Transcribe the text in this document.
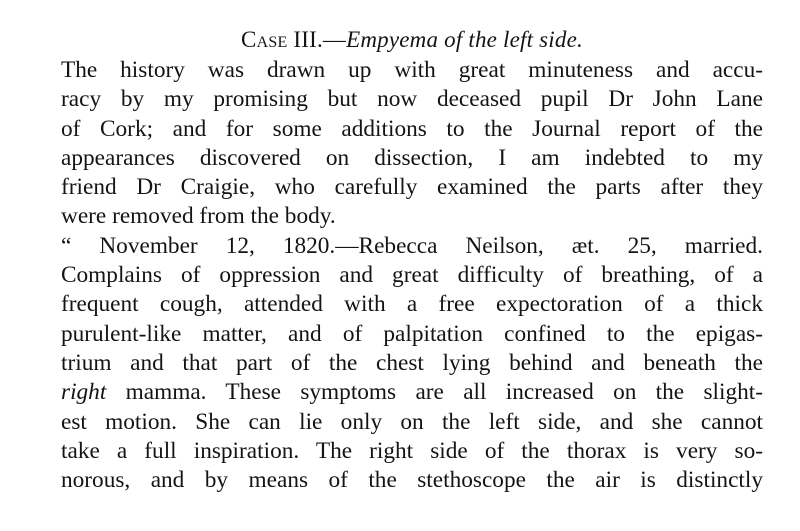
Case III.—Empyema of the left side.
The history was drawn up with great minuteness and accu-
racy by my promising but now deceased pupil Dr John Lane
of Cork; and for some additions to the Journal report of the
appearances discovered on dissection, I am indebted to my
friend Dr Craigie, who carefully examined the parts after they
were removed from the body.
“ November 12, 1820.—Rebecca Neilson, æt. 25, married.
Complains of oppression and great difficulty of breathing, of a
frequent cough, attended with a free expectoration of a thick
purulent-like matter, and of palpitation confined to the epigas-
trium and that part of the chest lying behind and beneath the
right mamma. These symptoms are all increased on the slight-
est motion. She can lie only on the left side, and she cannot
take a full inspiration. The right side of the thorax is very so-
norous, and by means of the stethoscope the air is distinctly
